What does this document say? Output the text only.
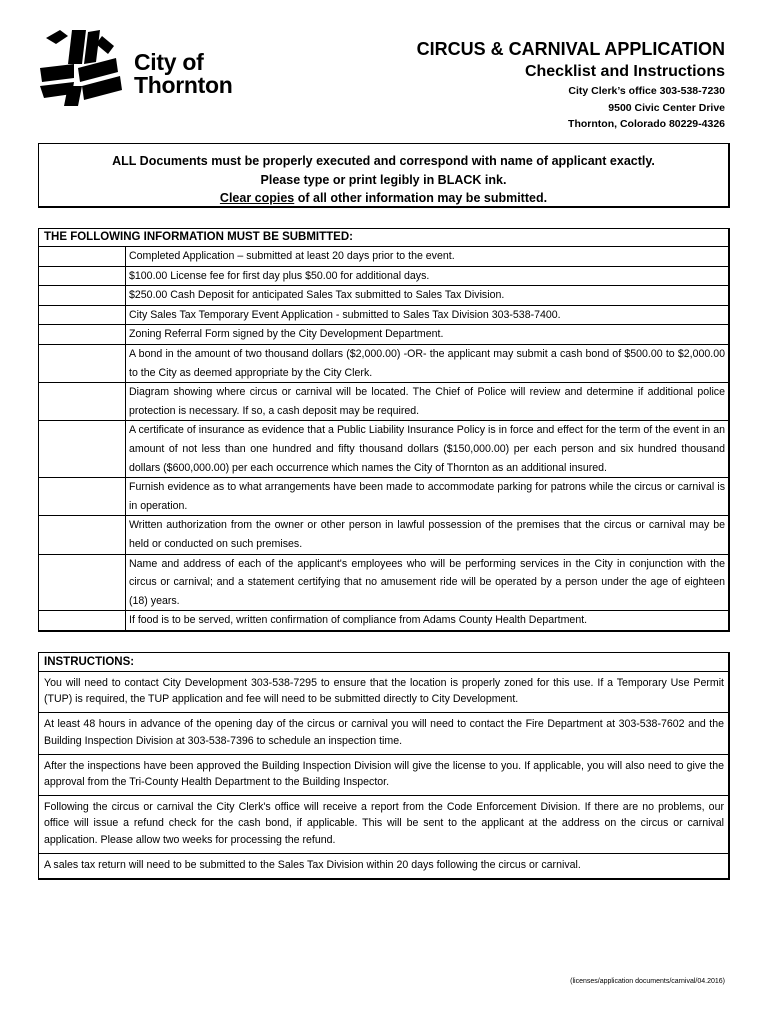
City of
Thornton
CIRCUS & CARNIVAL APPLICATION
Checklist and Instructions
City Clerk’s office 303-538-7230
9500 Civic Center Drive
Thornton, Colorado 80229-4326
ALL Documents must be properly executed and correspond with name of applicant exactly.
Please type or print legibly in BLACK ink.
Clear copies of all other information may be submitted.
THE FOLLOWING INFORMATION MUST BE SUBMITTED:
Completed Application – submitted at least 20 days prior to the event.
$100.00 License fee for first day plus $50.00 for additional days.
$250.00 Cash Deposit for anticipated Sales Tax submitted to Sales Tax Division.
City Sales Tax Temporary Event Application - submitted to Sales Tax Division 303-538-7400.
Zoning Referral Form signed by the City Development Department.
A bond in the amount of two thousand dollars ($2,000.00) -OR- the applicant may submit a cash bond of $500.00 to $2,000.00 to the City as deemed appropriate by the City Clerk.
Diagram showing where circus or carnival will be located. The Chief of Police will review and determine if additional police protection is necessary. If so, a cash deposit may be required.
A certificate of insurance as evidence that a Public Liability Insurance Policy is in force and effect for the term of the event in an amount of not less than one hundred and fifty thousand dollars ($150,000.00) per each person and six hundred thousand dollars ($600,000.00) per each occurrence which names the City of Thornton as an additional insured.
Furnish evidence as to what arrangements have been made to accommodate parking for patrons while the circus or carnival is in operation.
Written authorization from the owner or other person in lawful possession of the premises that the circus or carnival may be held or conducted on such premises.
Name and address of each of the applicant's employees who will be performing services in the City in conjunction with the circus or carnival; and a statement certifying that no amusement ride will be operated by a person under the age of eighteen (18) years.
If food is to be served, written confirmation of compliance from Adams County Health Department.
INSTRUCTIONS:
You will need to contact City Development 303-538-7295 to ensure that the location is properly zoned for this use. If a Temporary Use Permit (TUP) is required, the TUP application and fee will need to be submitted directly to City Development.
At least 48 hours in advance of the opening day of the circus or carnival you will need to contact the Fire Department at 303-538-7602 and the Building Inspection Division at 303-538-7396 to schedule an inspection time.
After the inspections have been approved the Building Inspection Division will give the license to you. If applicable, you will also need to give the approval from the Tri-County Health Department to the Building Inspector.
Following the circus or carnival the City Clerk's office will receive a report from the Code Enforcement Division. If there are no problems, our office will issue a refund check for the cash bond, if applicable. This will be sent to the applicant at the address on the circus or carnival application. Please allow two weeks for processing the refund.
A sales tax return will need to be submitted to the Sales Tax Division within 20 days following the circus or carnival.
(licenses/application documents/carnival/04.2016)
